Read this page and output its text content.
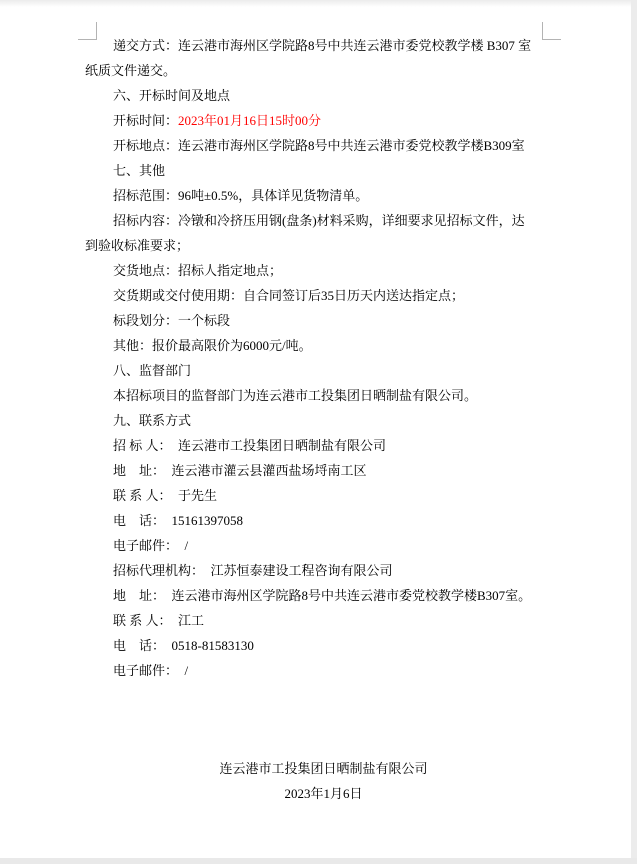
递交方式：连云港市海州区学院路8号中共连云港市委党校教学楼 B307 室
纸质文件递交。
六、开标时间及地点
开标时间：2023年01月16日15时00分
开标地点：连云港市海州区学院路8号中共连云港市委党校教学楼B309室
七、其他
招标范围：96吨±0.5%，具体详见货物清单。
招标内容：冷镦和冷挤压用钢(盘条)材料采购，详细要求见招标文件，达
到验收标准要求；
交货地点：招标人指定地点；
交货期或交付使用期：自合同签订后35日历天内送达指定点；
标段划分：一个标段
其他：报价最高限价为6000元/吨。
八、监督部门
本招标项目的监督部门为连云港市工投集团日晒制盐有限公司。
九、联系方式
招 标 人：  连云港市工投集团日晒制盐有限公司
地    址：  连云港市灌云县灌西盐场埒南工区
联 系 人：  于先生
电    话：  15161397058
电子邮件：  /
招标代理机构：  江苏恒泰建设工程咨询有限公司
地    址：  连云港市海州区学院路8号中共连云港市委党校教学楼B307室。
联 系 人：  江工
电    话：  0518-81583130
电子邮件：  /
连云港市工投集团日晒制盐有限公司
2023年1月6日
